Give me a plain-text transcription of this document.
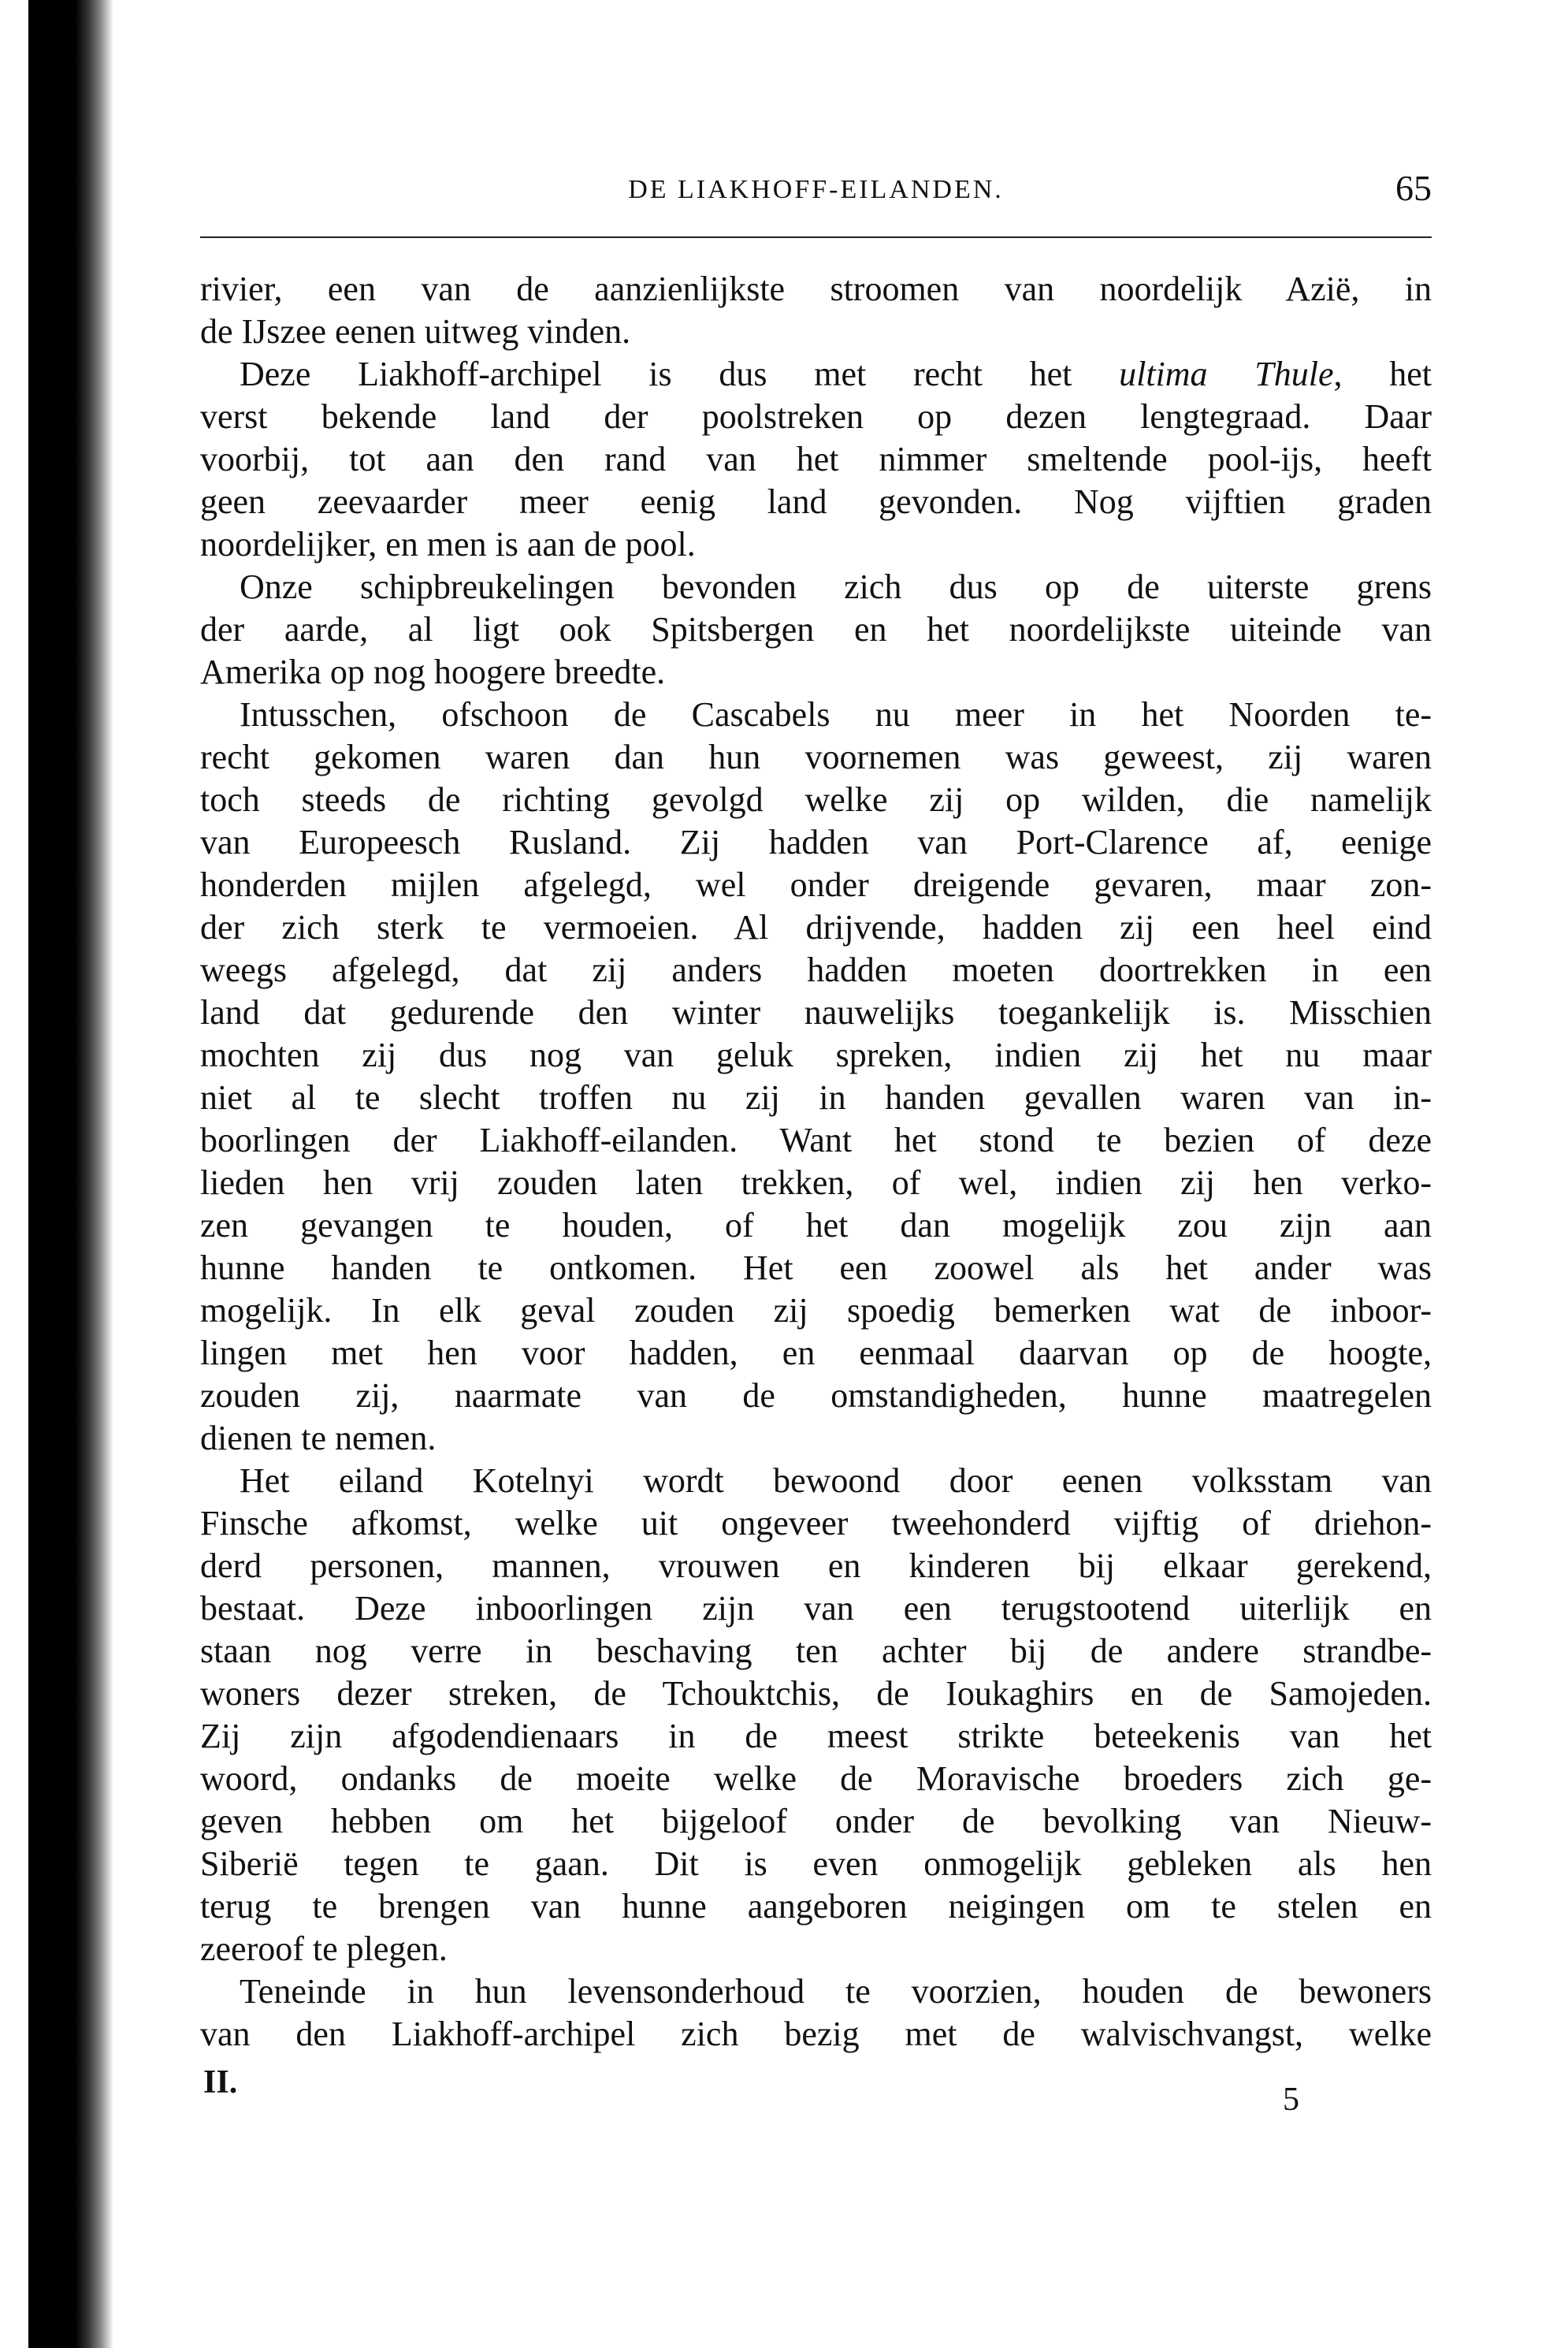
DE LIAKHOFF-EILANDEN.	65
rivier, een van de aanzienlijkste stroomen van noordelijk Azië, in
de IJszee eenen uitweg vinden.
Deze Liakhoff-archipel is dus met recht het ultima Thule, het
verst bekende land der poolstreken op dezen lengtegraad. Daar
voorbij, tot aan den rand van het nimmer smeltende pool-ijs, heeft
geen zeevaarder meer eenig land gevonden. Nog vijftien graden
noordelijker, en men is aan de pool.
Onze schipbreukelingen bevonden zich dus op de uiterste grens
der aarde, al ligt ook Spitsbergen en het noordelijkste uiteinde van
Amerika op nog hoogere breedte.
Intusschen, ofschoon de Cascabels nu meer in het Noorden te-
recht gekomen waren dan hun voornemen was geweest, zij waren
toch steeds de richting gevolgd welke zij op wilden, die namelijk
van Europeesch Rusland. Zij hadden van Port-Clarence af, eenige
honderden mijlen afgelegd, wel onder dreigende gevaren, maar zon-
der zich sterk te vermoeien. Al drijvende, hadden zij een heel eind
weegs afgelegd, dat zij anders hadden moeten doortrekken in een
land dat gedurende den winter nauwelijks toegankelijk is. Misschien
mochten zij dus nog van geluk spreken, indien zij het nu maar
niet al te slecht troffen nu zij in handen gevallen waren van in-
boorlingen der Liakhoff-eilanden. Want het stond te bezien of deze
lieden hen vrij zouden laten trekken, of wel, indien zij hen verko-
zen gevangen te houden, of het dan mogelijk zou zijn aan
hunne handen te ontkomen. Het een zoowel als het ander was
mogelijk. In elk geval zouden zij spoedig bemerken wat de inboor-
lingen met hen voor hadden, en eenmaal daarvan op de hoogte,
zouden zij, naarmate van de omstandigheden, hunne maatregelen
dienen te nemen.
Het eiland Kotelnyi wordt bewoond door eenen volksstam van
Finsche afkomst, welke uit ongeveer tweehonderd vijftig of driehon-
derd personen, mannen, vrouwen en kinderen bij elkaar gerekend,
bestaat. Deze inboorlingen zijn van een terugstootend uiterlijk en
staan nog verre in beschaving ten achter bij de andere strandbe-
woners dezer streken, de Tchouktchis, de Ioukaghirs en de Samojeden.
Zij zijn afgodendienaars in de meest strikte beteekenis van het
woord, ondanks de moeite welke de Moravische broeders zich ge-
geven hebben om het bijgeloof onder de bevolking van Nieuw-
Siberië tegen te gaan. Dit is even onmogelijk gebleken als hen
terug te brengen van hunne aangeboren neigingen om te stelen en
zeeroof te plegen.
Teneinde in hun levensonderhoud te voorzien, houden de bewoners
van den Liakhoff-archipel zich bezig met de walvischvangst, welke
II.	5
